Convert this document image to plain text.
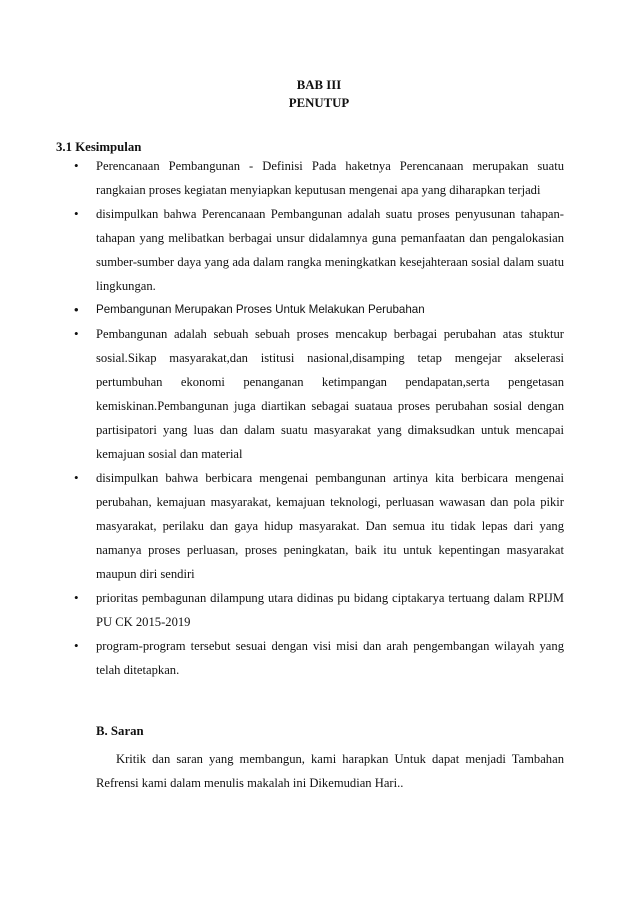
BAB III
PENUTUP
3.1 Kesimpulan
• Perencanaan Pembangunan - Definisi Pada haketnya Perencanaan merupakan suatu rangkaian proses kegiatan menyiapkan keputusan mengenai apa yang diharapkan terjadi
• disimpulkan bahwa Perencanaan Pembangunan adalah suatu proses penyusunan tahapan-tahapan yang melibatkan berbagai unsur didalamnya guna pemanfaatan dan pengalokasian sumber-sumber daya yang ada dalam rangka meningkatkan kesejahteraan sosial dalam suatu lingkungan.
• Pembangunan Merupakan Proses Untuk Melakukan Perubahan
• Pembangunan adalah sebuah sebuah proses mencakup berbagai perubahan atas stuktur sosial.Sikap masyarakat,dan istitusi nasional,disamping tetap mengejar akselerasi pertumbuhan ekonomi penanganan ketimpangan pendapatan,serta pengetasan kemiskinan.Pembangunan juga diartikan sebagai suataua proses perubahan sosial dengan partisipatori yang luas dan dalam suatu masyarakat yang dimaksudkan untuk mencapai kemajuan sosial dan material
• disimpulkan bahwa berbicara mengenai pembangunan artinya kita berbicara mengenai perubahan, kemajuan masyarakat, kemajuan teknologi, perluasan wawasan dan pola pikir masyarakat, perilaku dan gaya hidup masyarakat. Dan semua itu tidak lepas dari yang namanya proses perluasan, proses peningkatan, baik itu untuk kepentingan masyarakat maupun diri sendiri
• prioritas pembagunan dilampung utara didinas pu bidang ciptakarya tertuang dalam RPIJM PU CK 2015-2019
• program-program tersebut sesuai dengan visi misi dan arah pengembangan wilayah yang telah ditetapkan.
B. Saran
Kritik dan saran yang membangun, kami harapkan Untuk dapat menjadi Tambahan Refrensi kami dalam menulis makalah ini Dikemudian Hari..
